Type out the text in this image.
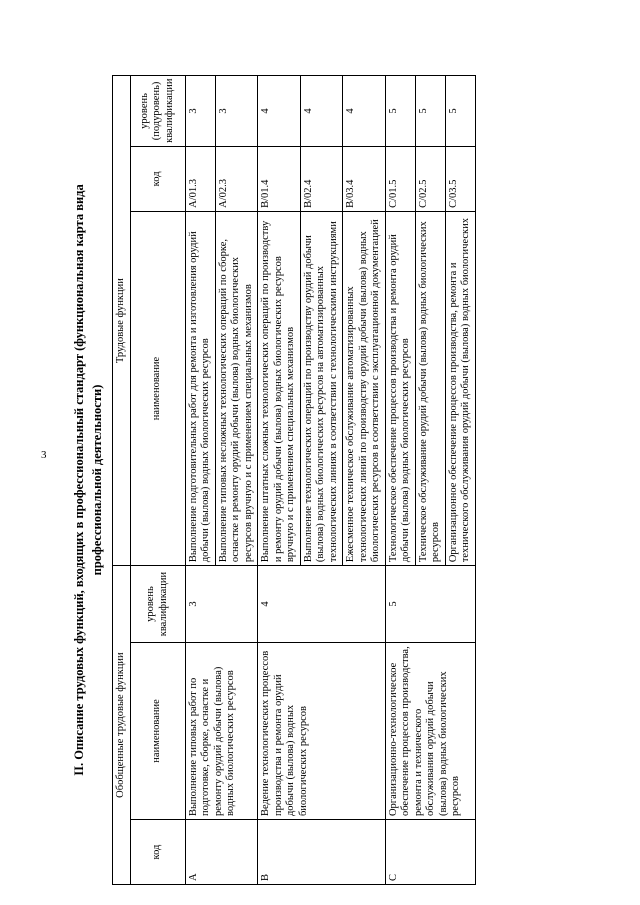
3 II. Описание трудовых функций, входящих в профессиональный стандарт (функциональная карта вида профессиональной деятельности)
Обобщенные трудовые функции			Трудовые функции		
код	наименование	уровень квалификации	наименование	код	уровень (подуровень) квалификации
A	Выполнение типовых работ по подготовке, сборке, оснастке и ремонту орудий добычи (вылова) водных биологических ресурсов	3	Выполнение подготовительных работ для ремонта и изготовления орудий добычи (вылова) водных биологических ресурсов	A/01.3	3
			Выполнение типовых несложных технологических операций по сборке, оснастке и ремонту орудий добычи (вылова) водных биологических ресурсов вручную и с применением специальных механизмов	A/02.3	3
B	Ведение технологических процессов производства и ремонта орудий добычи (вылова) водных биологических ресурсов	4	Выполнение штатных сложных технологических операций по производству и ремонту орудий добычи (вылова) водных биологических ресурсов вручную и с применением специальных механизмов	B/01.4	4
			Выполнение технологических операций по производству орудий добычи (вылова) водных биологических ресурсов на автоматизированных технологических линиях в соответствии с технологическими инструкциями	B/02.4	4
			Ежесменное техническое обслуживание автоматизированных технологических линий по производству орудий добычи (вылова) водных биологических ресурсов в соответствии с эксплуатационной документацией	B/03.4	4
C	Организационно-технологическое обеспечение процессов производства, ремонта и технического обслуживания орудий добычи (вылова) водных биологических ресурсов	5	Технологическое обеспечение процессов производства и ремонта орудий добычи (вылова) водных биологических ресурсов	C/01.5	5
			Техническое обслуживание орудий добычи (вылова) водных биологических ресурсов	C/02.5	5
			Организационное обеспечение процессов производства, ремонта и технического обслуживания орудий добычи (вылова) водных биологических	C/03.5	5
